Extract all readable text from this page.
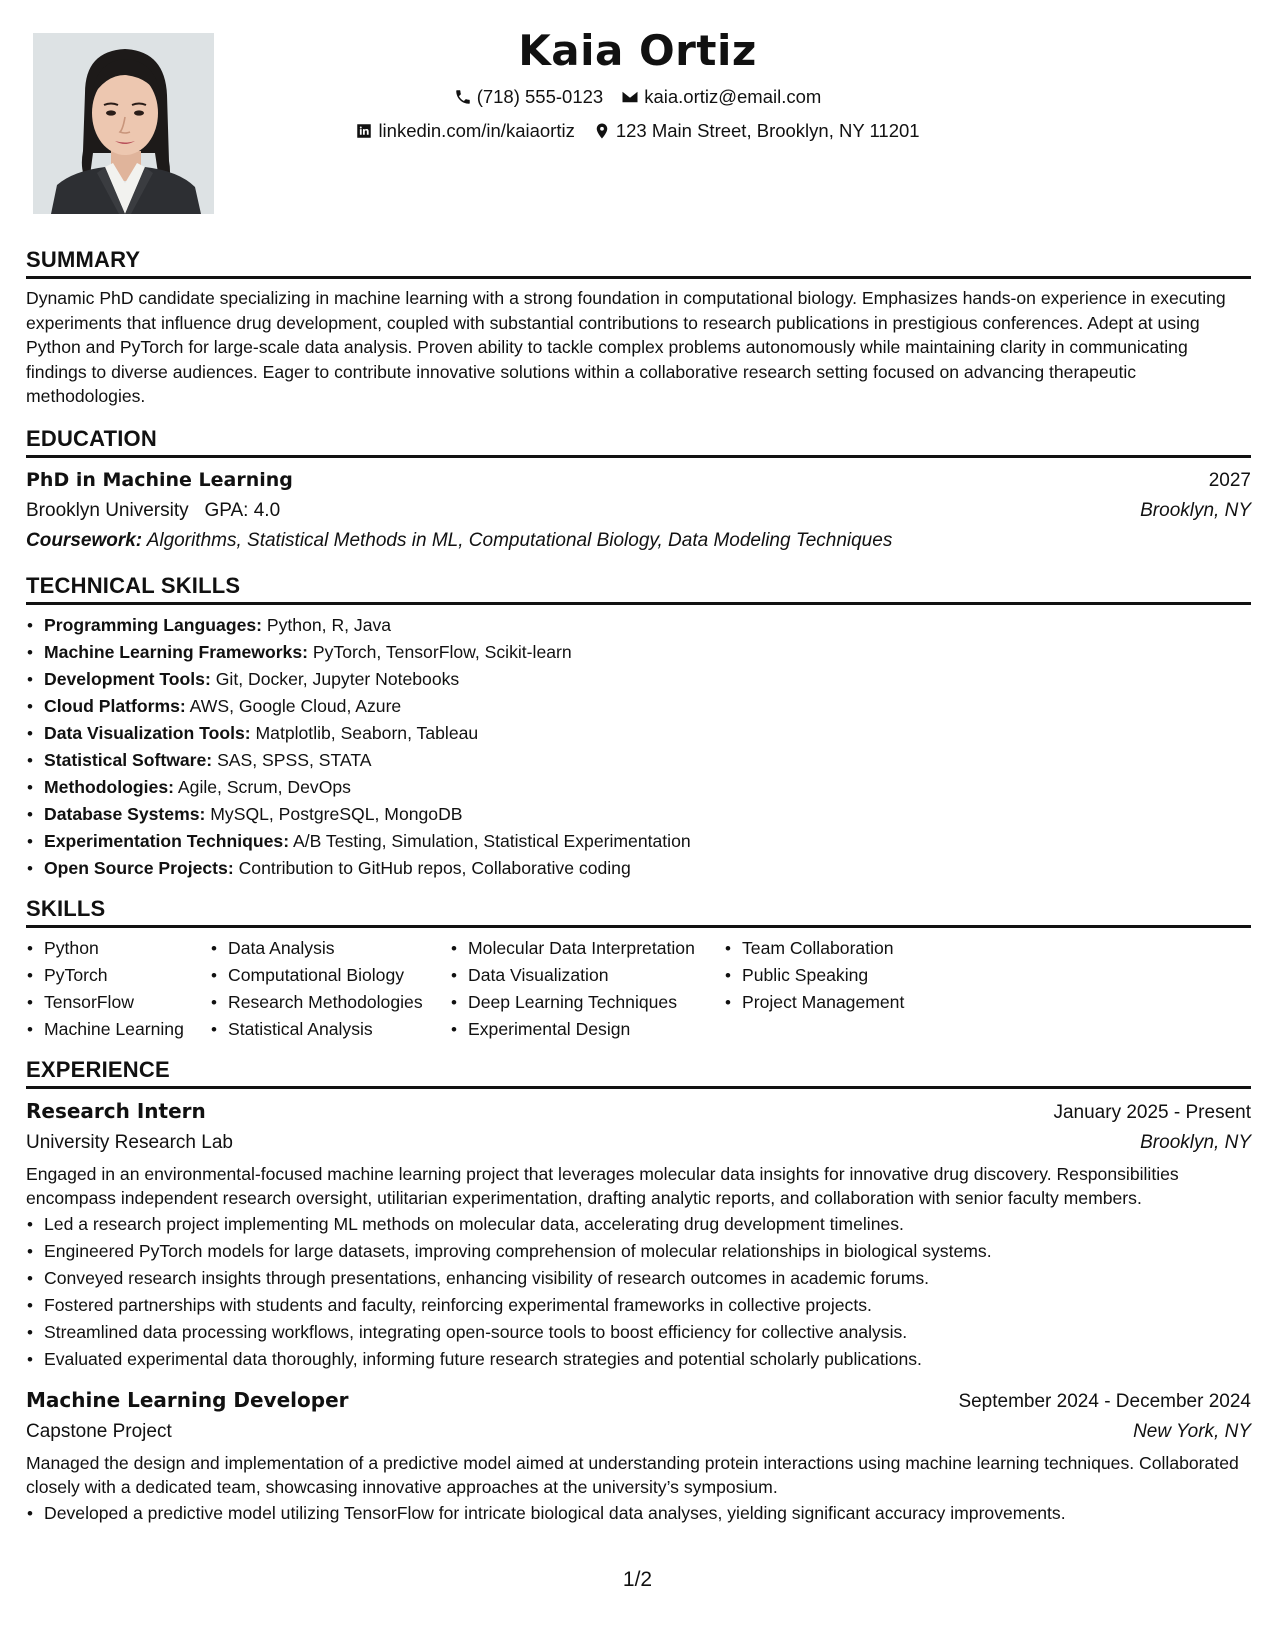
Kaia Ortiz
(718) 555-0123 kaia.ortiz@email.com
linkedin.com/in/kaiaortiz 123 Main Street, Brooklyn, NY 11201
SUMMARY
Dynamic PhD candidate specializing in machine learning with a strong foundation in computational biology. Emphasizes hands-on experience in executing experiments that influence drug development, coupled with substantial contributions to research publications in prestigious conferences. Adept at using Python and PyTorch for large-scale data analysis. Proven ability to tackle complex problems autonomously while maintaining clarity in communicating findings to diverse audiences. Eager to contribute innovative solutions within a collaborative research setting focused on advancing therapeutic methodologies.
EDUCATION
PhD in Machine Learning	2027
Brooklyn University GPA: 4.0	Brooklyn, NY
Coursework: Algorithms, Statistical Methods in ML, Computational Biology, Data Modeling Techniques
TECHNICAL SKILLS
• Programming Languages: Python, R, Java
• Machine Learning Frameworks: PyTorch, TensorFlow, Scikit-learn
• Development Tools: Git, Docker, Jupyter Notebooks
• Cloud Platforms: AWS, Google Cloud, Azure
• Data Visualization Tools: Matplotlib, Seaborn, Tableau
• Statistical Software: SAS, SPSS, STATA
• Methodologies: Agile, Scrum, DevOps
• Database Systems: MySQL, PostgreSQL, MongoDB
• Experimentation Techniques: A/B Testing, Simulation, Statistical Experimentation
• Open Source Projects: Contribution to GitHub repos, Collaborative coding
SKILLS
• Python
• PyTorch
• TensorFlow
• Machine Learning
• Data Analysis
• Computational Biology
• Research Methodologies
• Statistical Analysis
• Molecular Data Interpretation
• Data Visualization
• Deep Learning Techniques
• Experimental Design
• Team Collaboration
• Public Speaking
• Project Management
EXPERIENCE
Research Intern	January 2025 - Present
University Research Lab	Brooklyn, NY
Engaged in an environmental-focused machine learning project that leverages molecular data insights for innovative drug discovery. Responsibilities encompass independent research oversight, utilitarian experimentation, drafting analytic reports, and collaboration with senior faculty members.
• Led a research project implementing ML methods on molecular data, accelerating drug development timelines.
• Engineered PyTorch models for large datasets, improving comprehension of molecular relationships in biological systems.
• Conveyed research insights through presentations, enhancing visibility of research outcomes in academic forums.
• Fostered partnerships with students and faculty, reinforcing experimental frameworks in collective projects.
• Streamlined data processing workflows, integrating open-source tools to boost efficiency for collective analysis.
• Evaluated experimental data thoroughly, informing future research strategies and potential scholarly publications.
Machine Learning Developer	September 2024 - December 2024
Capstone Project	New York, NY
Managed the design and implementation of a predictive model aimed at understanding protein interactions using machine learning techniques. Collaborated closely with a dedicated team, showcasing innovative approaches at the university’s symposium.
• Developed a predictive model utilizing TensorFlow for intricate biological data analyses, yielding significant accuracy improvements.
1/2
